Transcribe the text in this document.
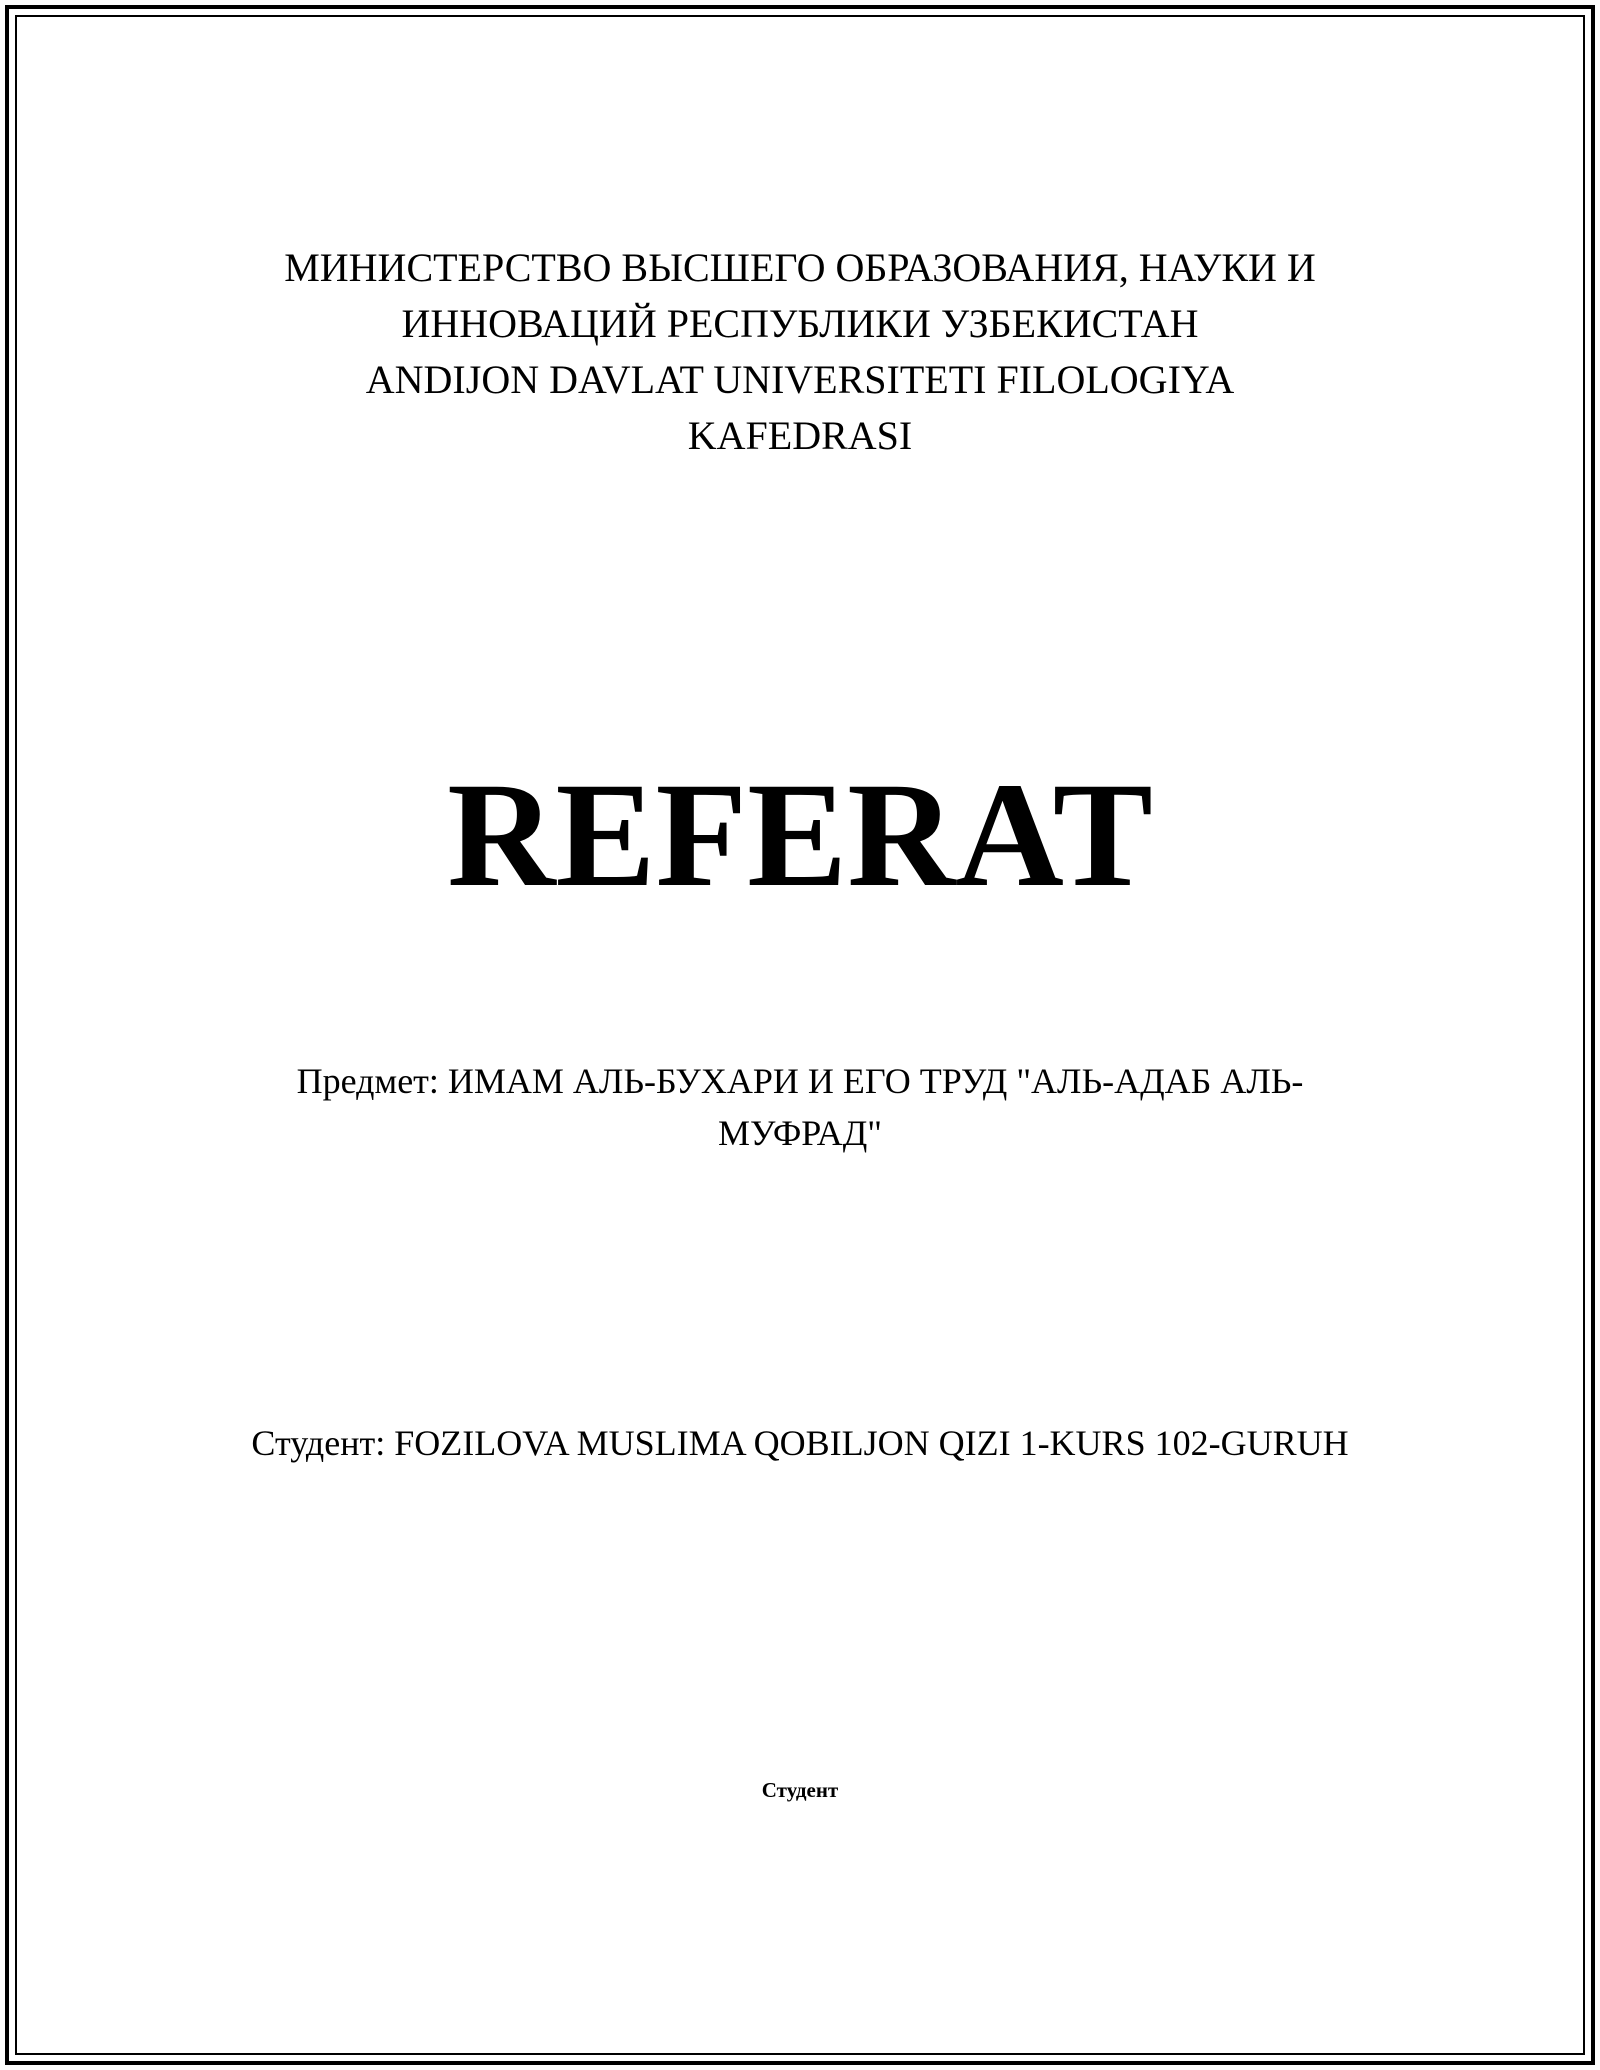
МИНИСТЕРСТВО ВЫСШЕГО ОБРАЗОВАНИЯ, НАУКИ И
ИННОВАЦИЙ РЕСПУБЛИКИ УЗБЕКИСТАН
ANDIJON DAVLAT UNIVERSITETI FILOLOGIYA
KAFEDRASI
REFERAT
Предмет: ИМАМ АЛЬ-БУХАРИ И ЕГО ТРУД "АЛЬ-АДАБ АЛЬ-
МУФРАД"
Студент: FOZILOVA MUSLIMA QOBILJON QIZI 1-KURS 102-GURUH
Студент
